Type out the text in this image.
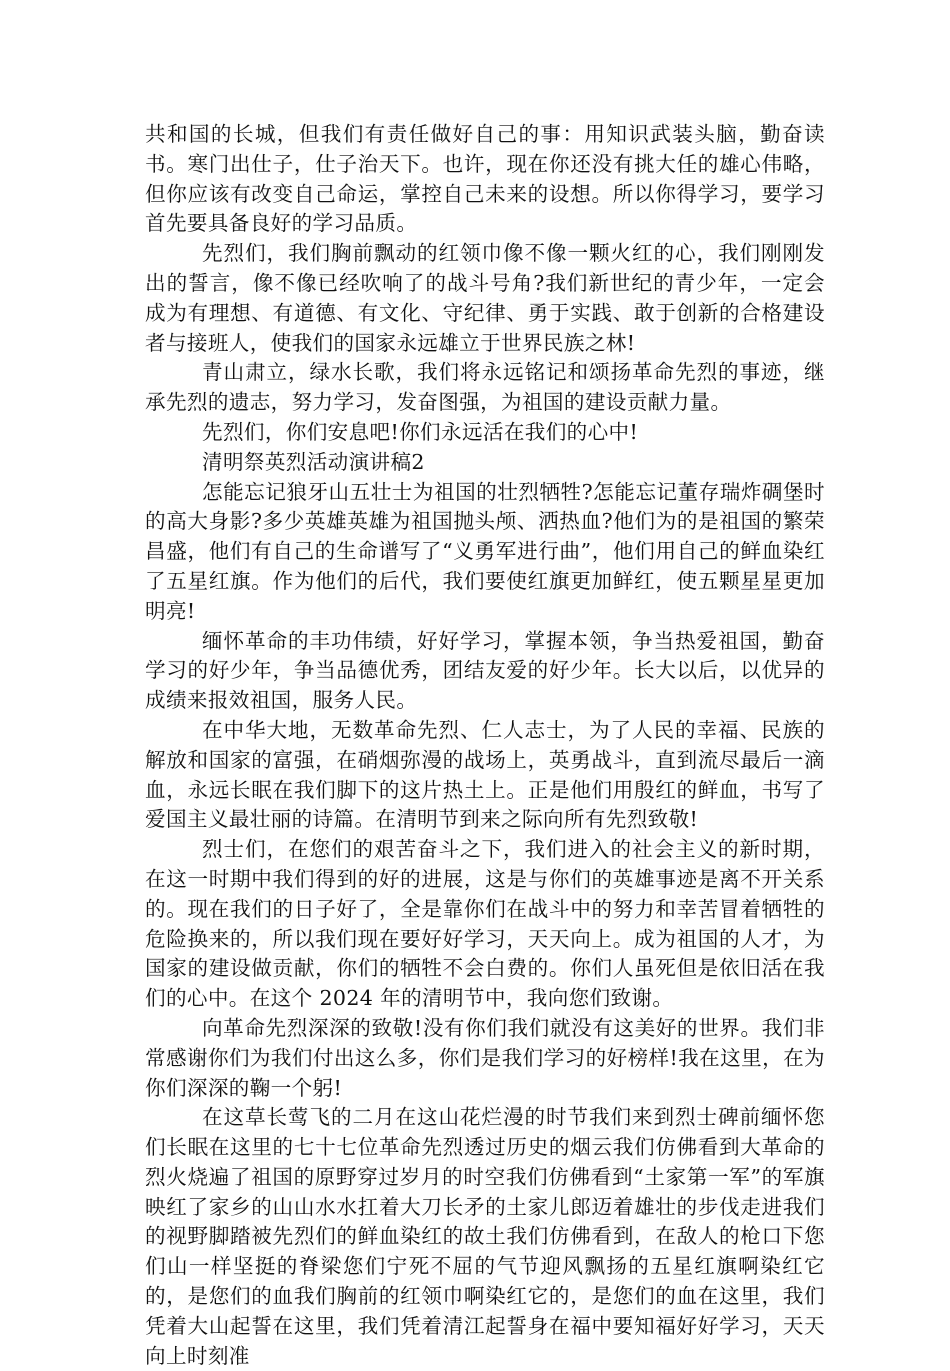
共和国的长城，但我们有责任做好自己的事：用知识武装头脑，勤奋读书。寒门出仕子，仕子治天下。也许，现在你还没有挑大任的雄心伟略，但你应该有改变自己命运，掌控自己未来的设想。所以你得学习，要学习首先要具备良好的学习品质。

先烈们，我们胸前飘动的红领巾像不像一颗火红的心，我们刚刚发出的誓言，像不像已经吹响了的战斗号角?我们新世纪的青少年，一定会成为有理想、有道德、有文化、守纪律、勇于实践、敢于创新的合格建设者与接班人，使我们的国家永远雄立于世界民族之林!

青山肃立，绿水长歌，我们将永远铭记和颂扬革命先烈的事迹，继承先烈的遗志，努力学习，发奋图强，为祖国的建设贡献力量。

先烈们，你们安息吧!你们永远活在我们的心中!

清明祭英烈活动演讲稿2

怎能忘记狼牙山五壮士为祖国的壮烈牺牲?怎能忘记董存瑞炸碉堡时的高大身影?多少英雄英雄为祖国抛头颅、洒热血?他们为的是祖国的繁荣昌盛，他们有自己的生命谱写了“义勇军进行曲”，他们用自己的鲜血染红了五星红旗。作为他们的后代，我们要使红旗更加鲜红，使五颗星星更加明亮!

缅怀革命的丰功伟绩，好好学习，掌握本领，争当热爱祖国，勤奋学习的好少年，争当品德优秀，团结友爱的好少年。长大以后，以优异的成绩来报效祖国，服务人民。

在中华大地，无数革命先烈、仁人志士，为了人民的幸福、民族的解放和国家的富强，在硝烟弥漫的战场上，英勇战斗，直到流尽最后一滴血，永远长眠在我们脚下的这片热土上。正是他们用殷红的鲜血，书写了爱国主义最壮丽的诗篇。在清明节到来之际向所有先烈致敬!

烈士们，在您们的艰苦奋斗之下，我们进入的社会主义的新时期，在这一时期中我们得到的好的进展，这是与你们的英雄事迹是离不开关系的。现在我们的日子好了，全是靠你们在战斗中的努力和幸苦冒着牺牲的危险换来的，所以我们现在要好好学习，天天向上。成为祖国的人才，为国家的建设做贡献，你们的牺牲不会白费的。你们人虽死但是依旧活在我们的心中。在这个 2024 年的清明节中，我向您们致谢。

向革命先烈深深的致敬!没有你们我们就没有这美好的世界。我们非常感谢你们为我们付出这么多，你们是我们学习的好榜样!我在这里，在为你们深深的鞠一个躬!

在这草长莺飞的二月在这山花烂漫的时节我们来到烈士碑前缅怀您们长眠在这里的七十七位革命先烈透过历史的烟云我们仿佛看到大革命的烈火烧遍了祖国的原野穿过岁月的时空我们仿佛看到“土家第一军”的军旗映红了家乡的山山水水扛着大刀长矛的土家儿郎迈着雄壮的步伐走进我们的视野脚踏被先烈们的鲜血染红的故土我们仿佛看到，在敌人的枪口下您们山一样坚挺的脊梁您们宁死不屈的气节迎风飘扬的五星红旗啊染红它的，是您们的血我们胸前的红领巾啊染红它的，是您们的血在这里，我们凭着大山起誓在这里，我们凭着清江起誓身在福中要知福好好学习，天天向上时刻准
